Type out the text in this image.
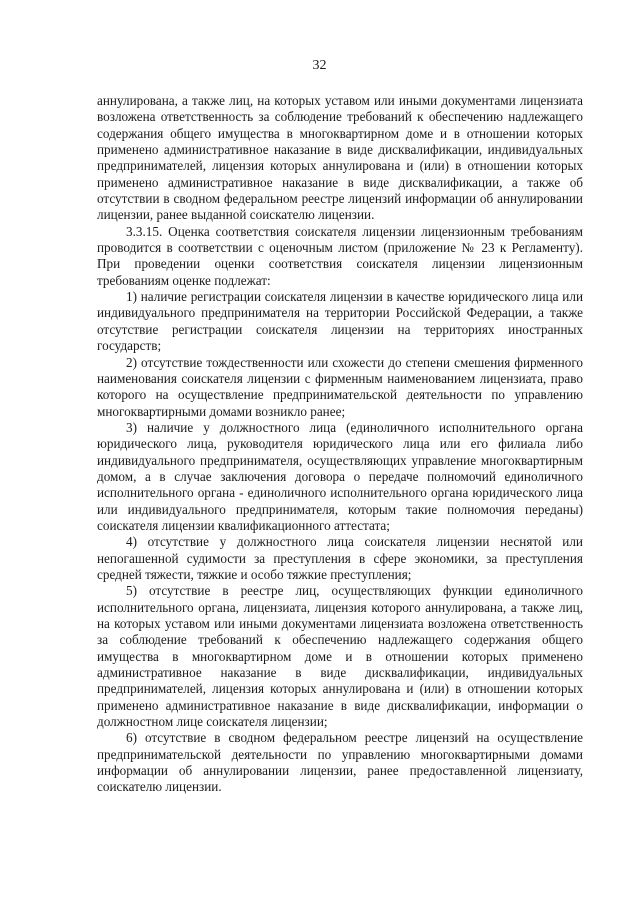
32

аннулирована, а также лиц, на которых уставом или иными документами лицензиата возложена ответственность за соблюдение требований к обеспечению надлежащего содержания общего имущества в многоквартирном доме и в отношении которых применено административное наказание в виде дисквалификации, индивидуальных предпринимателей, лицензия которых аннулирована и (или) в отношении которых применено административное наказание в виде дисквалификации, а также об отсутствии в сводном федеральном реестре лицензий информации об аннулировании лицензии, ранее выданной соискателю лицензии.

3.3.15. Оценка соответствия соискателя лицензии лицензионным требованиям проводится в соответствии с оценочным листом (приложение № 23 к Регламенту). При проведении оценки соответствия соискателя лицензии лицензионным требованиям оценке подлежат:

1) наличие регистрации соискателя лицензии в качестве юридического лица или индивидуального предпринимателя на территории Российской Федерации, а также отсутствие регистрации соискателя лицензии на территориях иностранных государств;

2) отсутствие тождественности или схожести до степени смешения фирменного наименования соискателя лицензии с фирменным наименованием лицензиата, право которого на осуществление предпринимательской деятельности по управлению многоквартирными домами возникло ранее;

3) наличие у должностного лица (единоличного исполнительного органа юридического лица, руководителя юридического лица или его филиала либо индивидуального предпринимателя, осуществляющих управление многоквартирным домом, а в случае заключения договора о передаче полномочий единоличного исполнительного органа - единоличного исполнительного органа юридического лица или индивидуального предпринимателя, которым такие полномочия переданы) соискателя лицензии квалификационного аттестата;

4) отсутствие у должностного лица соискателя лицензии неснятой или непогашенной судимости за преступления в сфере экономики, за преступления средней тяжести, тяжкие и особо тяжкие преступления;

5) отсутствие в реестре лиц, осуществляющих функции единоличного исполнительного органа, лицензиата, лицензия которого аннулирована, а также лиц, на которых уставом или иными документами лицензиата возложена ответственность за соблюдение требований к обеспечению надлежащего содержания общего имущества в многоквартирном доме и в отношении которых применено административное наказание в виде дисквалификации, индивидуальных предпринимателей, лицензия которых аннулирована и (или) в отношении которых применено административное наказание в виде дисквалификации, информации о должностном лице соискателя лицензии;

6) отсутствие в сводном федеральном реестре лицензий на осуществление предпринимательской деятельности по управлению многоквартирными домами информации об аннулировании лицензии, ранее предоставленной лицензиату, соискателю лицензии.
